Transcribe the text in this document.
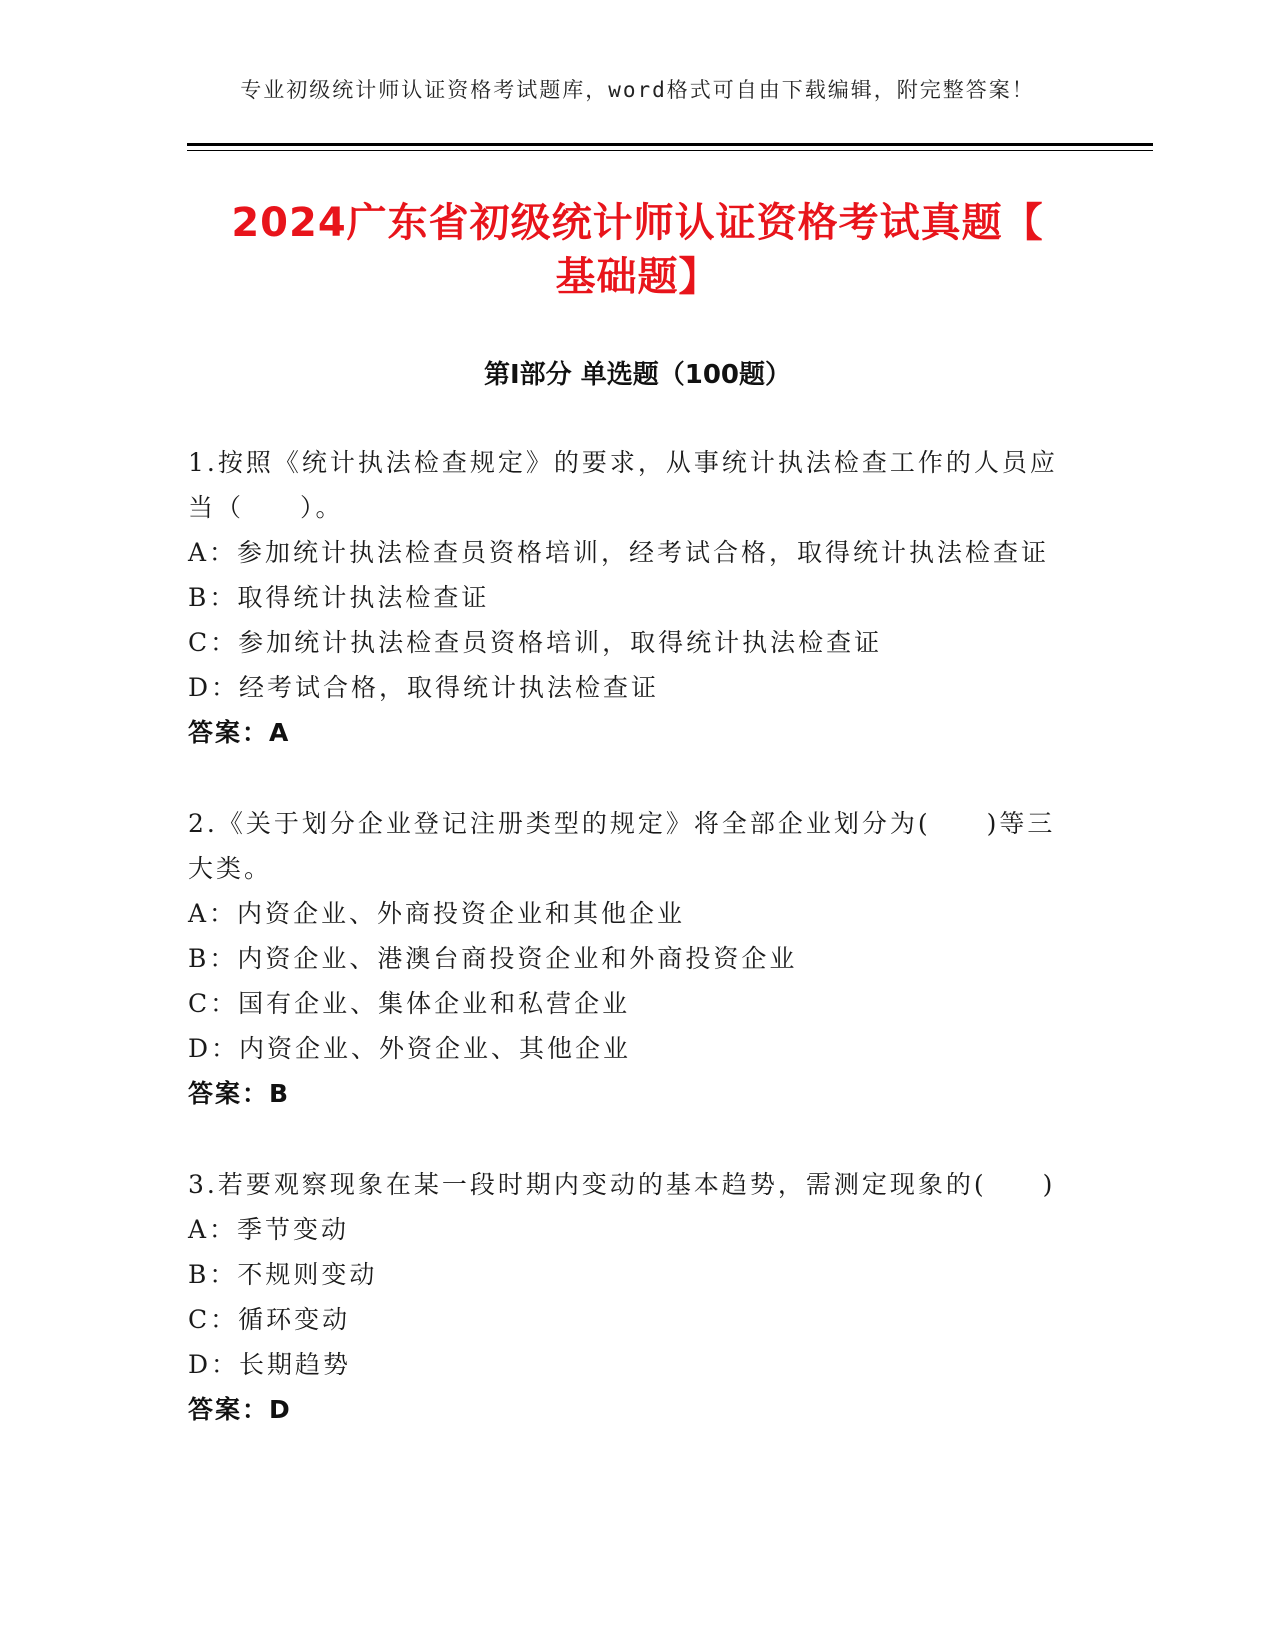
专业初级统计师认证资格考试题库，word格式可自由下载编辑，附完整答案！
2024广东省初级统计师认证资格考试真题【
基础题】
第Ⅰ部分 单选题（100题）
1.按照《统计执法检查规定》的要求，从事统计执法检查工作的人员应当（　　）。
A：参加统计执法检查员资格培训，经考试合格，取得统计执法检查证
B：取得统计执法检查证
C：参加统计执法检查员资格培训，取得统计执法检查证
D：经考试合格，取得统计执法检查证
答案：A
2.《关于划分企业登记注册类型的规定》将全部企业划分为(　　)等三大类。
A：内资企业、外商投资企业和其他企业
B：内资企业、港澳台商投资企业和外商投资企业
C：国有企业、集体企业和私营企业
D：内资企业、外资企业、其他企业
答案：B
3.若要观察现象在某一段时期内变动的基本趋势，需测定现象的(　　)
A：季节变动
B：不规则变动
C：循环变动
D：长期趋势
答案：D
